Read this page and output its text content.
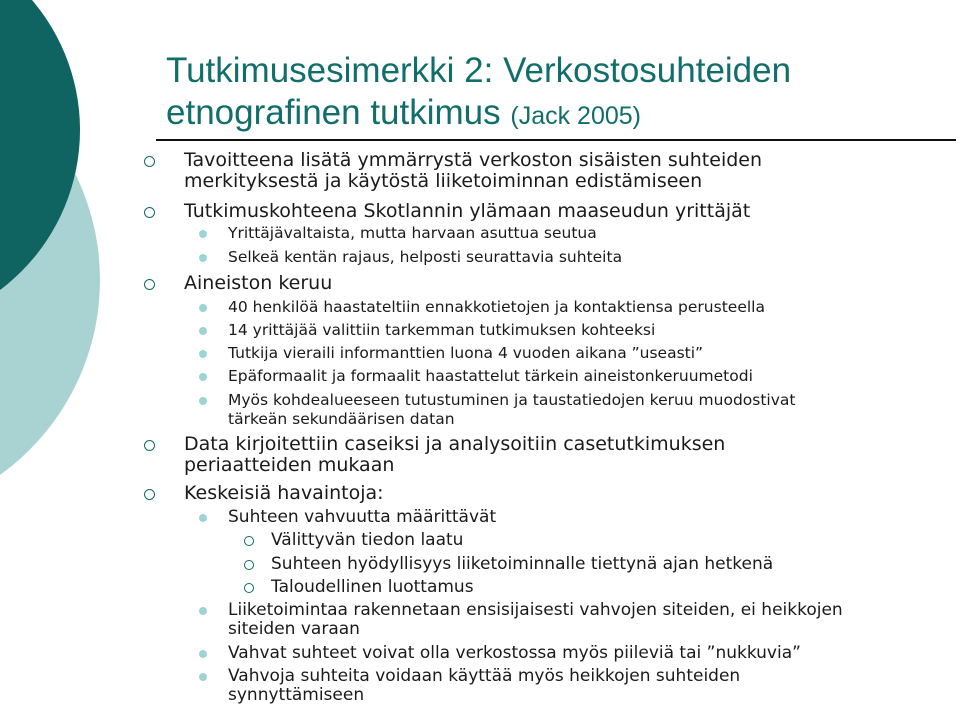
Tutkimusesimerkki 2: Verkostosuhteiden etnografinen tutkimus (Jack 2005)
Tavoitteena lisätä ymmärrystä verkoston sisäisten suhteiden
merkityksestä ja käytöstä liiketoiminnan edistämiseen
Tutkimuskohteena Skotlannin ylämaan maaseudun yrittäjät
Yrittäjävaltaista, mutta harvaan asuttua seutua
Selkeä kentän rajaus, helposti seurattavia suhteita
Aineiston keruu
40 henkilöä haastateltiin ennakkotietojen ja kontaktiensa perusteella
14 yrittäjää valittiin tarkemman tutkimuksen kohteeksi
Tutkija vieraili informanttien luona 4 vuoden aikana ”useasti”
Epäformaalit ja formaalit haastattelut tärkein aineistonkeruumetodi
Myös kohdealueeseen tutustuminen ja taustatiedojen keruu muodostivat
tärkeän sekundäärisen datan
Data kirjoitettiin caseiksi ja analysoitiin casetutkimuksen
periaatteiden mukaan
Keskeisiä havaintoja:
Suhteen vahvuutta määrittävät
Välittyvän tiedon laatu
Suhteen hyödyllisyys liiketoiminnalle tiettynä ajan hetkenä
Taloudellinen luottamus
Liiketoimintaa rakennetaan ensisijaisesti vahvojen siteiden, ei heikkojen
siteiden varaan
Vahvat suhteet voivat olla verkostossa myös piileviä tai ”nukkuvia”
Vahvoja suhteita voidaan käyttää myös heikkojen suhteiden
synnyttämiseen
